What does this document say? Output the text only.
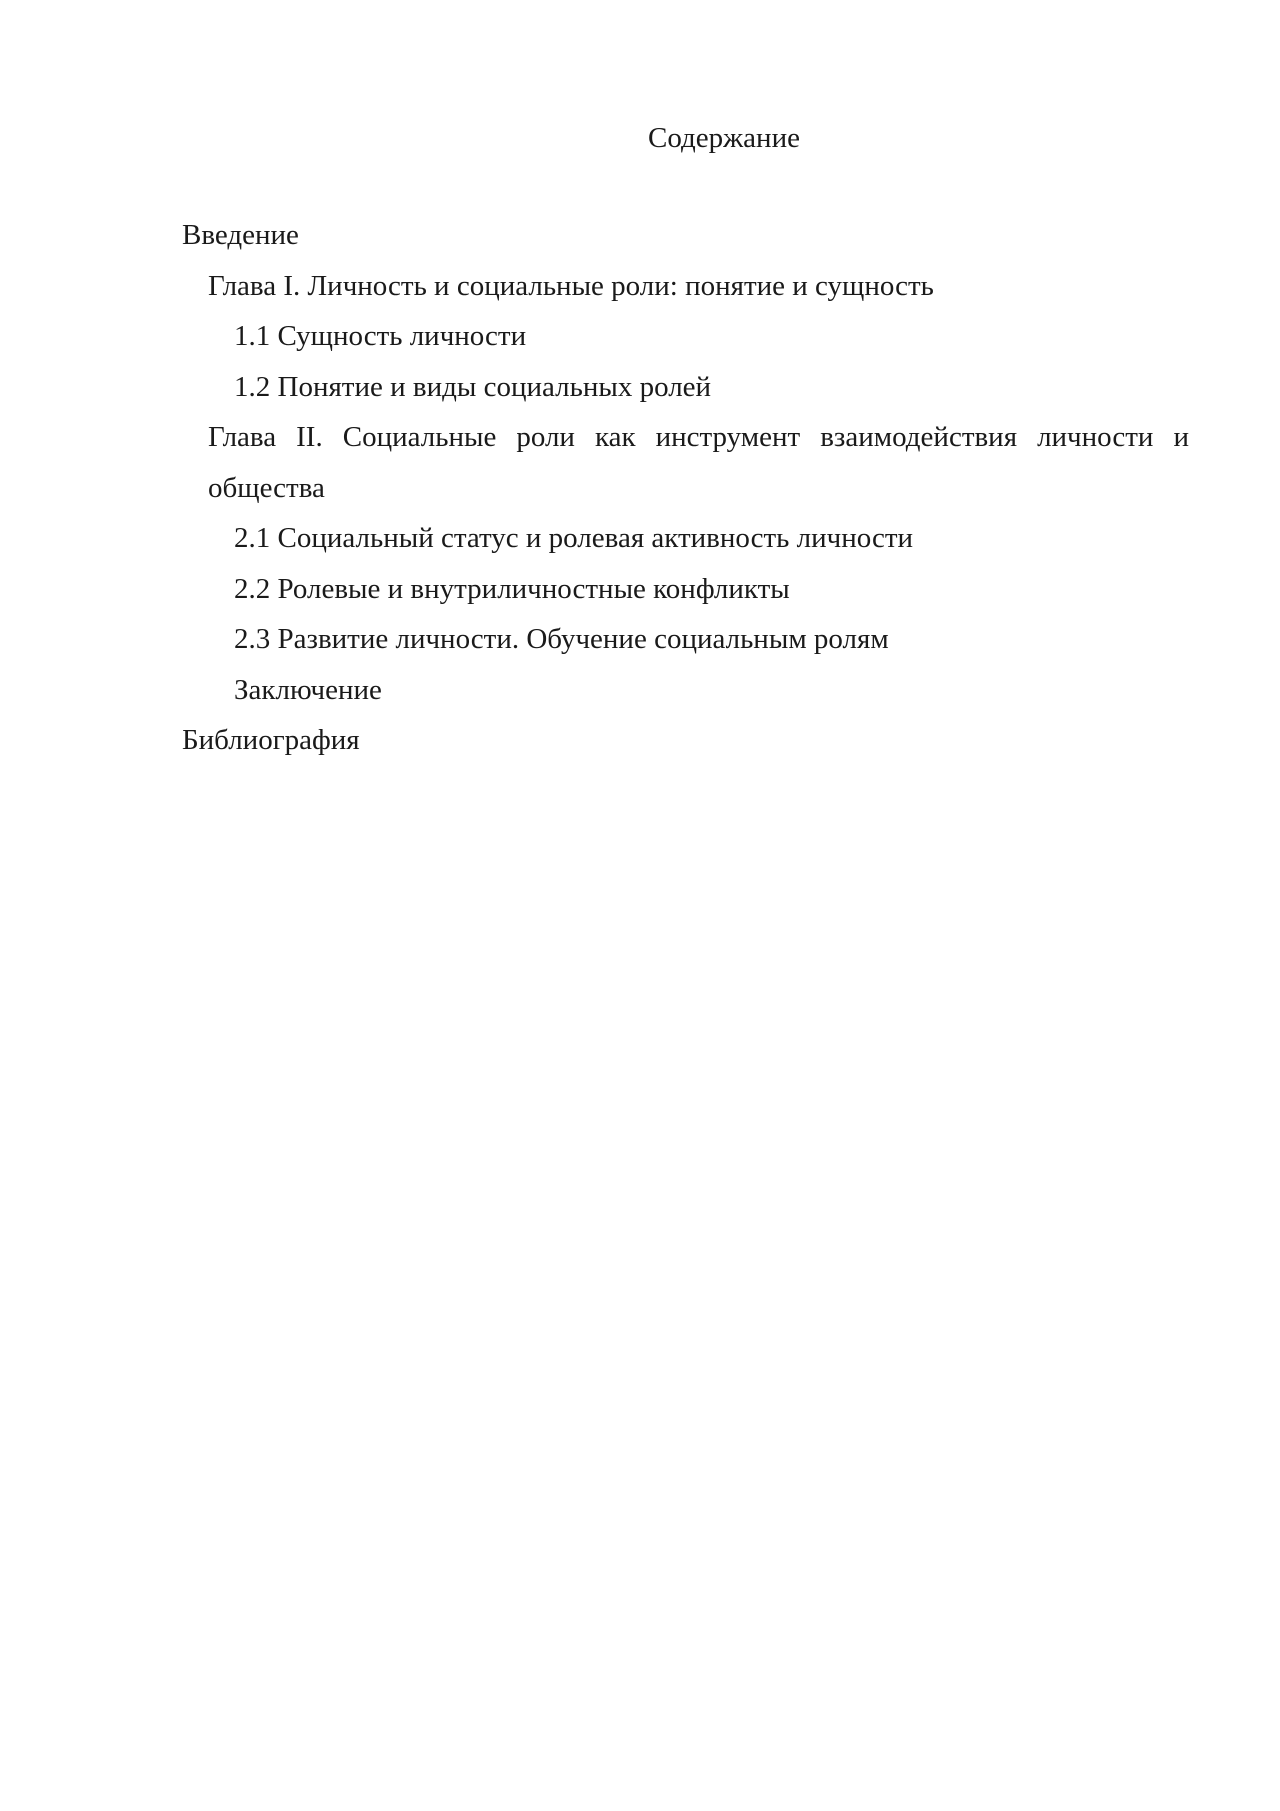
Содержание
Введение
Глава I. Личность и социальные роли: понятие и сущность
1.1 Сущность личности
1.2 Понятие и виды социальных ролей
Глава II. Социальные роли как инструмент взаимодействия личности и общества
2.1 Социальный статус и ролевая активность личности
2.2 Ролевые и внутриличностные конфликты
2.3 Развитие личности. Обучение социальным ролям
Заключение
Библиография
